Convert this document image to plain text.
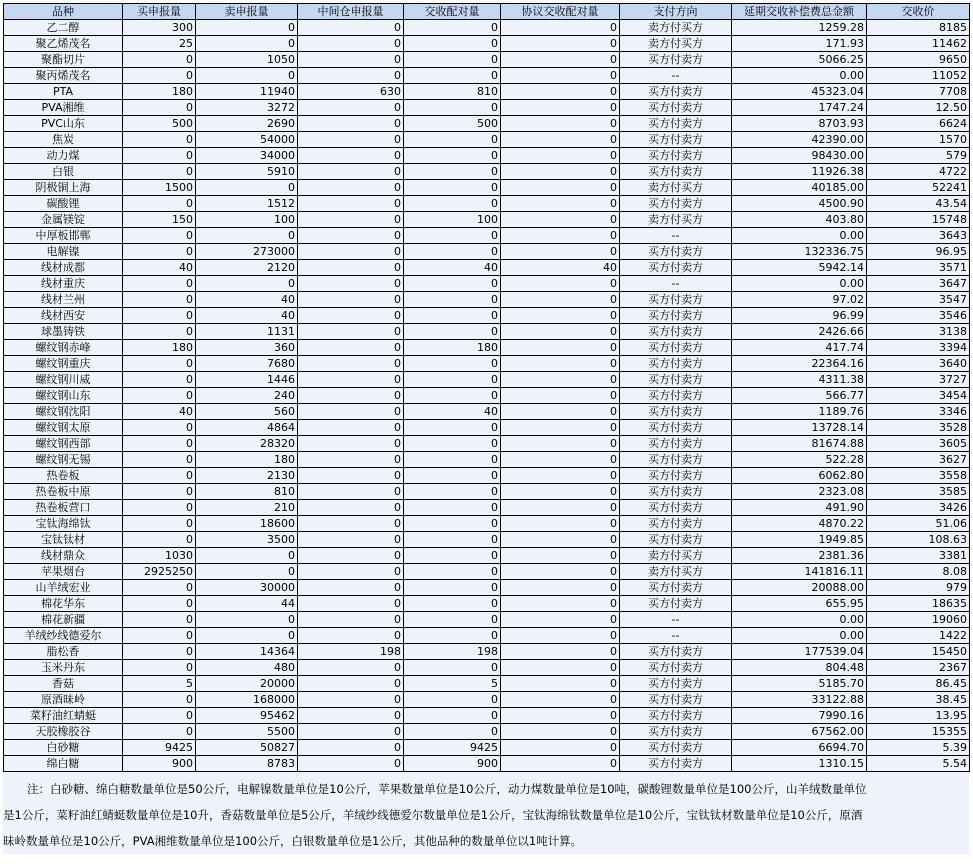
品种	买申报量	卖申报量	中间仓申报量	交收配对量	协议交收配对量	支付方向	延期交收补偿费总金额	交收价
乙二醇	300	0	0	0	0	卖方付买方	1259.28	8185
聚乙烯茂名	25	0	0	0	0	卖方付买方	171.93	11462
聚酯切片	0	1050	0	0	0	买方付卖方	5066.25	9650
聚丙烯茂名	0	0	0	0	0	--	0.00	11052
PTA	180	11940	630	810	0	买方付卖方	45323.04	7708
PVA湘维	0	3272	0	0	0	买方付卖方	1747.24	12.50
PVC山东	500	2690	0	500	0	买方付卖方	8703.93	6624
焦炭	0	54000	0	0	0	买方付卖方	42390.00	1570
动力煤	0	34000	0	0	0	买方付卖方	98430.00	579
白银	0	5910	0	0	0	买方付卖方	11926.38	4722
阴极铜上海	1500	0	0	0	0	卖方付买方	40185.00	52241
碳酸锂	0	1512	0	0	0	买方付卖方	4500.90	43.54
金属镁锭	150	100	0	100	0	卖方付买方	403.80	15748
中厚板邯郸	0	0	0	0	0	--	0.00	3643
电解镍	0	273000	0	0	0	买方付卖方	132336.75	96.95
线材成都	40	2120	0	40	40	买方付卖方	5942.14	3571
线材重庆	0	0	0	0	0	--	0.00	3647
线材兰州	0	40	0	0	0	买方付卖方	97.02	3547
线材西安	0	40	0	0	0	买方付卖方	96.99	3546
球墨铸铁	0	1131	0	0	0	买方付卖方	2426.66	3138
螺纹钢赤峰	180	360	0	180	0	买方付卖方	417.74	3394
螺纹钢重庆	0	7680	0	0	0	买方付卖方	22364.16	3640
螺纹钢川威	0	1446	0	0	0	买方付卖方	4311.38	3727
螺纹钢山东	0	240	0	0	0	买方付卖方	566.77	3454
螺纹钢沈阳	40	560	0	40	0	买方付卖方	1189.76	3346
螺纹钢太原	0	4864	0	0	0	买方付卖方	13728.14	3528
螺纹钢西部	0	28320	0	0	0	买方付卖方	81674.88	3605
螺纹钢无锡	0	180	0	0	0	买方付卖方	522.28	3627
热卷板	0	2130	0	0	0	买方付卖方	6062.80	3558
热卷板中原	0	810	0	0	0	买方付卖方	2323.08	3585
热卷板营口	0	210	0	0	0	买方付卖方	491.90	3426
宝钛海绵钛	0	18600	0	0	0	买方付卖方	4870.22	51.06
宝钛钛材	0	3500	0	0	0	买方付卖方	1949.85	108.63
线材鼎众	1030	0	0	0	0	卖方付买方	2381.36	3381
苹果烟台	2925250	0	0	0	0	卖方付买方	141816.11	8.08
山羊绒宏业	0	30000	0	0	0	买方付卖方	20088.00	979
棉花华东	0	44	0	0	0	买方付卖方	655.95	18635
棉花新疆	0	0	0	0	0	--	0.00	19060
羊绒纱线德爱尔	0	0	0	0	0	--	0.00	1422
脂松香	0	14364	198	198	0	买方付卖方	177539.04	15450
玉米丹东	0	480	0	0	0	买方付卖方	804.48	2367
香菇	5	20000	0	5	0	买方付卖方	5185.70	86.45
原酒昧岭	0	168000	0	0	0	买方付卖方	33122.88	38.45
菜籽油红蜻蜓	0	95462	0	0	0	买方付卖方	7990.16	13.95
天胶橡胶谷	0	5500	0	0	0	买方付卖方	67562.00	15355
白砂糖	9425	50827	0	9425	0	买方付卖方	6694.70	5.39
绵白糖	900	8783	0	900	0	买方付卖方	1310.15	5.54
注：白砂糖、绵白糖数量单位是50公斤，电解镍数量单位是10公斤，苹果数量单位是10公斤，动力煤数量单位是10吨，碳酸锂数量单位是100公斤，山羊绒数量单位
是1公斤，菜籽油红蜻蜓数量单位是10升，香菇数量单位是5公斤，羊绒纱线德爱尔数量单位是1公斤，宝钛海绵钛数量单位是10公斤，宝钛钛材数量单位是10公斤，原酒
昧岭数量单位是10公斤，PVA湘维数量单位是100公斤，白银数量单位是1公斤，其他品种的数量单位以1吨计算。
